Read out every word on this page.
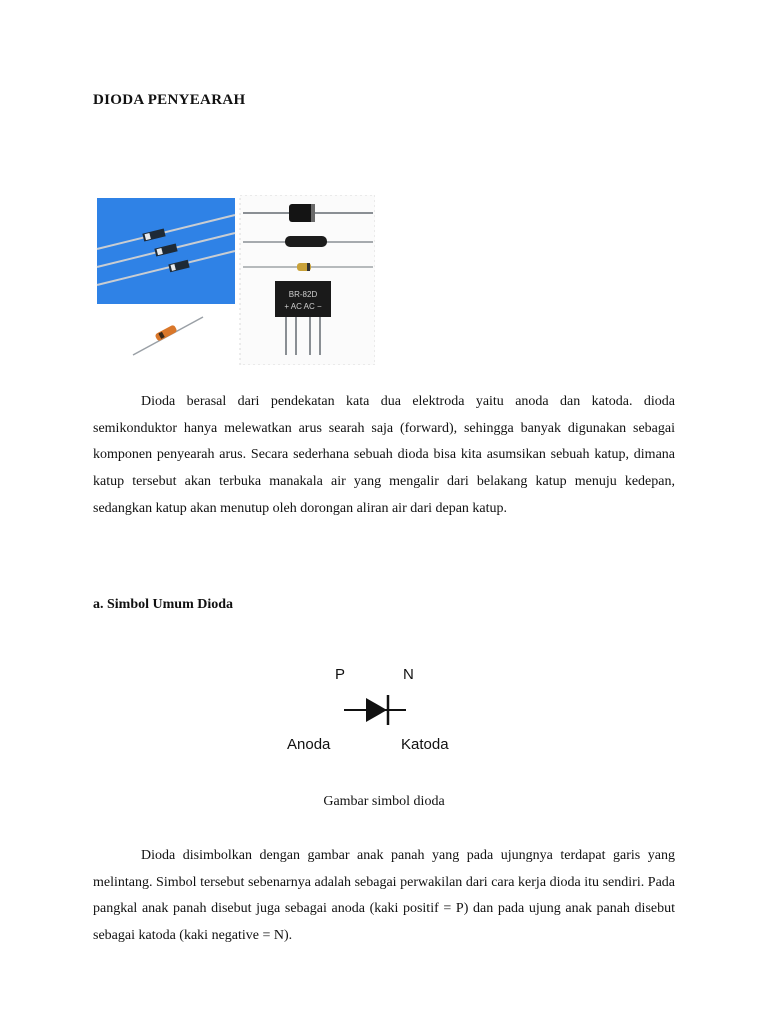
DIODA PENYEARAH
BR-82D
+ AC AC −

Dioda berasal dari pendekatan kata dua elektroda yaitu anoda dan katoda. dioda semikonduktor hanya melewatkan arus searah saja (forward), sehingga banyak digunakan sebagai komponen penyearah arus. Secara sederhana sebuah dioda bisa kita asumsikan sebuah katup, dimana katup tersebut akan terbuka manakala air yang mengalir dari belakang katup menuju kedepan, sedangkan katup akan menutup oleh dorongan aliran air dari depan katup.

a. Simbol Umum Dioda
P	N
Anoda	Katoda

Gambar simbol dioda

Dioda disimbolkan dengan gambar anak panah yang pada ujungnya terdapat garis yang melintang. Simbol tersebut sebenarnya adalah sebagai perwakilan dari cara kerja dioda itu sendiri. Pada pangkal anak panah disebut juga sebagai anoda (kaki positif = P) dan pada ujung anak panah disebut sebagai katoda (kaki negative = N).
